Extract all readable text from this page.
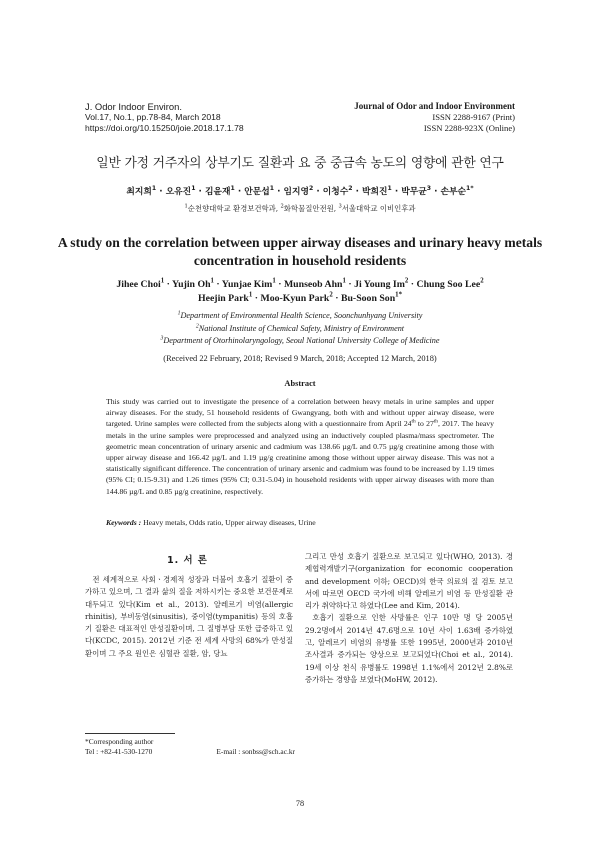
J. Odor Indoor Environ.
Vol.17, No.1, pp.78-84, March 2018
https://doi.org/10.15250/joie.2018.17.1.78
Journal of Odor and Indoor Environment
ISSN 2288-9167 (Print)
ISSN 2288-923X (Online)
일반 가정 거주자의 상부기도 질환과 요 중 중금속 농도의 영향에 관한 연구
최지희$^1$ · 오유진$^1$ · 김윤재$^1$ · 안문섭$^1$ · 임지영$^2$ · 이청수$^2$ · 박희진$^1$ · 박무균$^3$ · 손부순$^{1*}$
$^1$순천향대학교 환경보건학과, $^2$화학물질안전원, $^3$서울대학교 이비인후과
A study on the correlation between upper airway diseases and urinary heavy metals concentration in household residents
Jihee Choi$^1$ · Yujin $Oh^1$ · Yunjae Kim$^1$ · Munseob Ahn$^1$ · Ji Young $Im^2$ · Chung Soo Lee$^2$
Heejin Park$^1$ · Moo-Kyun Park$^2$ · Bu-Soon Son$^{1*}$
$^1$Department of Environmental Health Science, Soonchunhyang University
$^2$National Institute of Chemical Safety, Ministry of Environment
$^3$Department of Otorhinolaryngology, Seoul National University College of Medicine
(Received 22 February, 2018; Revised 9 March, 2018; Accepted 12 March, 2018)
Abstract
This study was carried out to investigate the presence of a correlation between heavy metals in urine samples and upper airway diseases. For the study, 51 household residents of Gwangyang, both with and without upper airway disease, were targeted. Urine samples were collected from the subjects along with a questionnaire from April 24th to 27th, 2017. The heavy metals in the urine samples were preprocessed and analyzed using an inductively coupled plasma/mass spectrometer. The geometric mean concentration of urinary arsenic and cadmium was 138.66 µg/L and 0.75 µg/g creatinine among those with upper airway disease and 166.42 µg/L and 1.19 µg/g creatinine among those without upper airway disease. This was not a statistically significant difference. The concentration of urinary arsenic and cadmium was found to be increased by 1.19 times (95% CI; 0.15-9.31) and 1.26 times (95% CI; 0.31-5.04) in household residents with upper airway diseases with more than 144.86 µg/L and 0.85 µg/g creatinine, respectively.
Keywords : Heavy metals, Odds ratio, Upper airway diseases, Urine
1. 서 론

전 세계적으로 사회ㆍ경제적 성장과 더불어 호흡기 질환이 증가하고 있으며, 그 결과 삶의 질을 저하시키는 중요한 보건문제로 대두되고 있다(Kim et al., 2013). 알레르기 비염(allergic rhinitis), 부비동염(sinusitis), 중이염(tympanitis) 등의 호흡기 질환은 대표적인 만성질환이며, 그 질병부담 또한 급증하고 있다(KCDC, 2015). 2012년 기준 전 세계 사망의 68%가 만성질환이며 그 주요 원인은 심혈관 질환, 암, 당뇨

그리고 만성 호흡기 질환으로 보고되고 있다(WHO, 2013). 경제협력개발기구(organization for economic cooperation and development 이하; OECD)의 한국 의료의 질 검토 보고서에 따르면 OECD 국가에 비해 알레르기 비염 등 만성질환 관리가 취약하다고 하였다(Lee and Kim, 2014).

호흡기 질환으로 인한 사망률은 인구 10만 명 당 2005년 29.2명에서 2014년 47.6명으로 10년 사이 1.63배 증가하였고, 알레르기 비염의 유병률 또한 1995년, 2000년과 2010년 조사결과 증가되는 양상으로 보고되었다(Choi et al., 2014). 19세 이상 천식 유병률도 1998년 1.1%에서 2012년 2.8%로 증가하는 경향을 보였다(MoHW, 2012).

*Corresponding author
Tel : +82-41-530-1270	E-mail : sonbss@sch.ac.kr
78
